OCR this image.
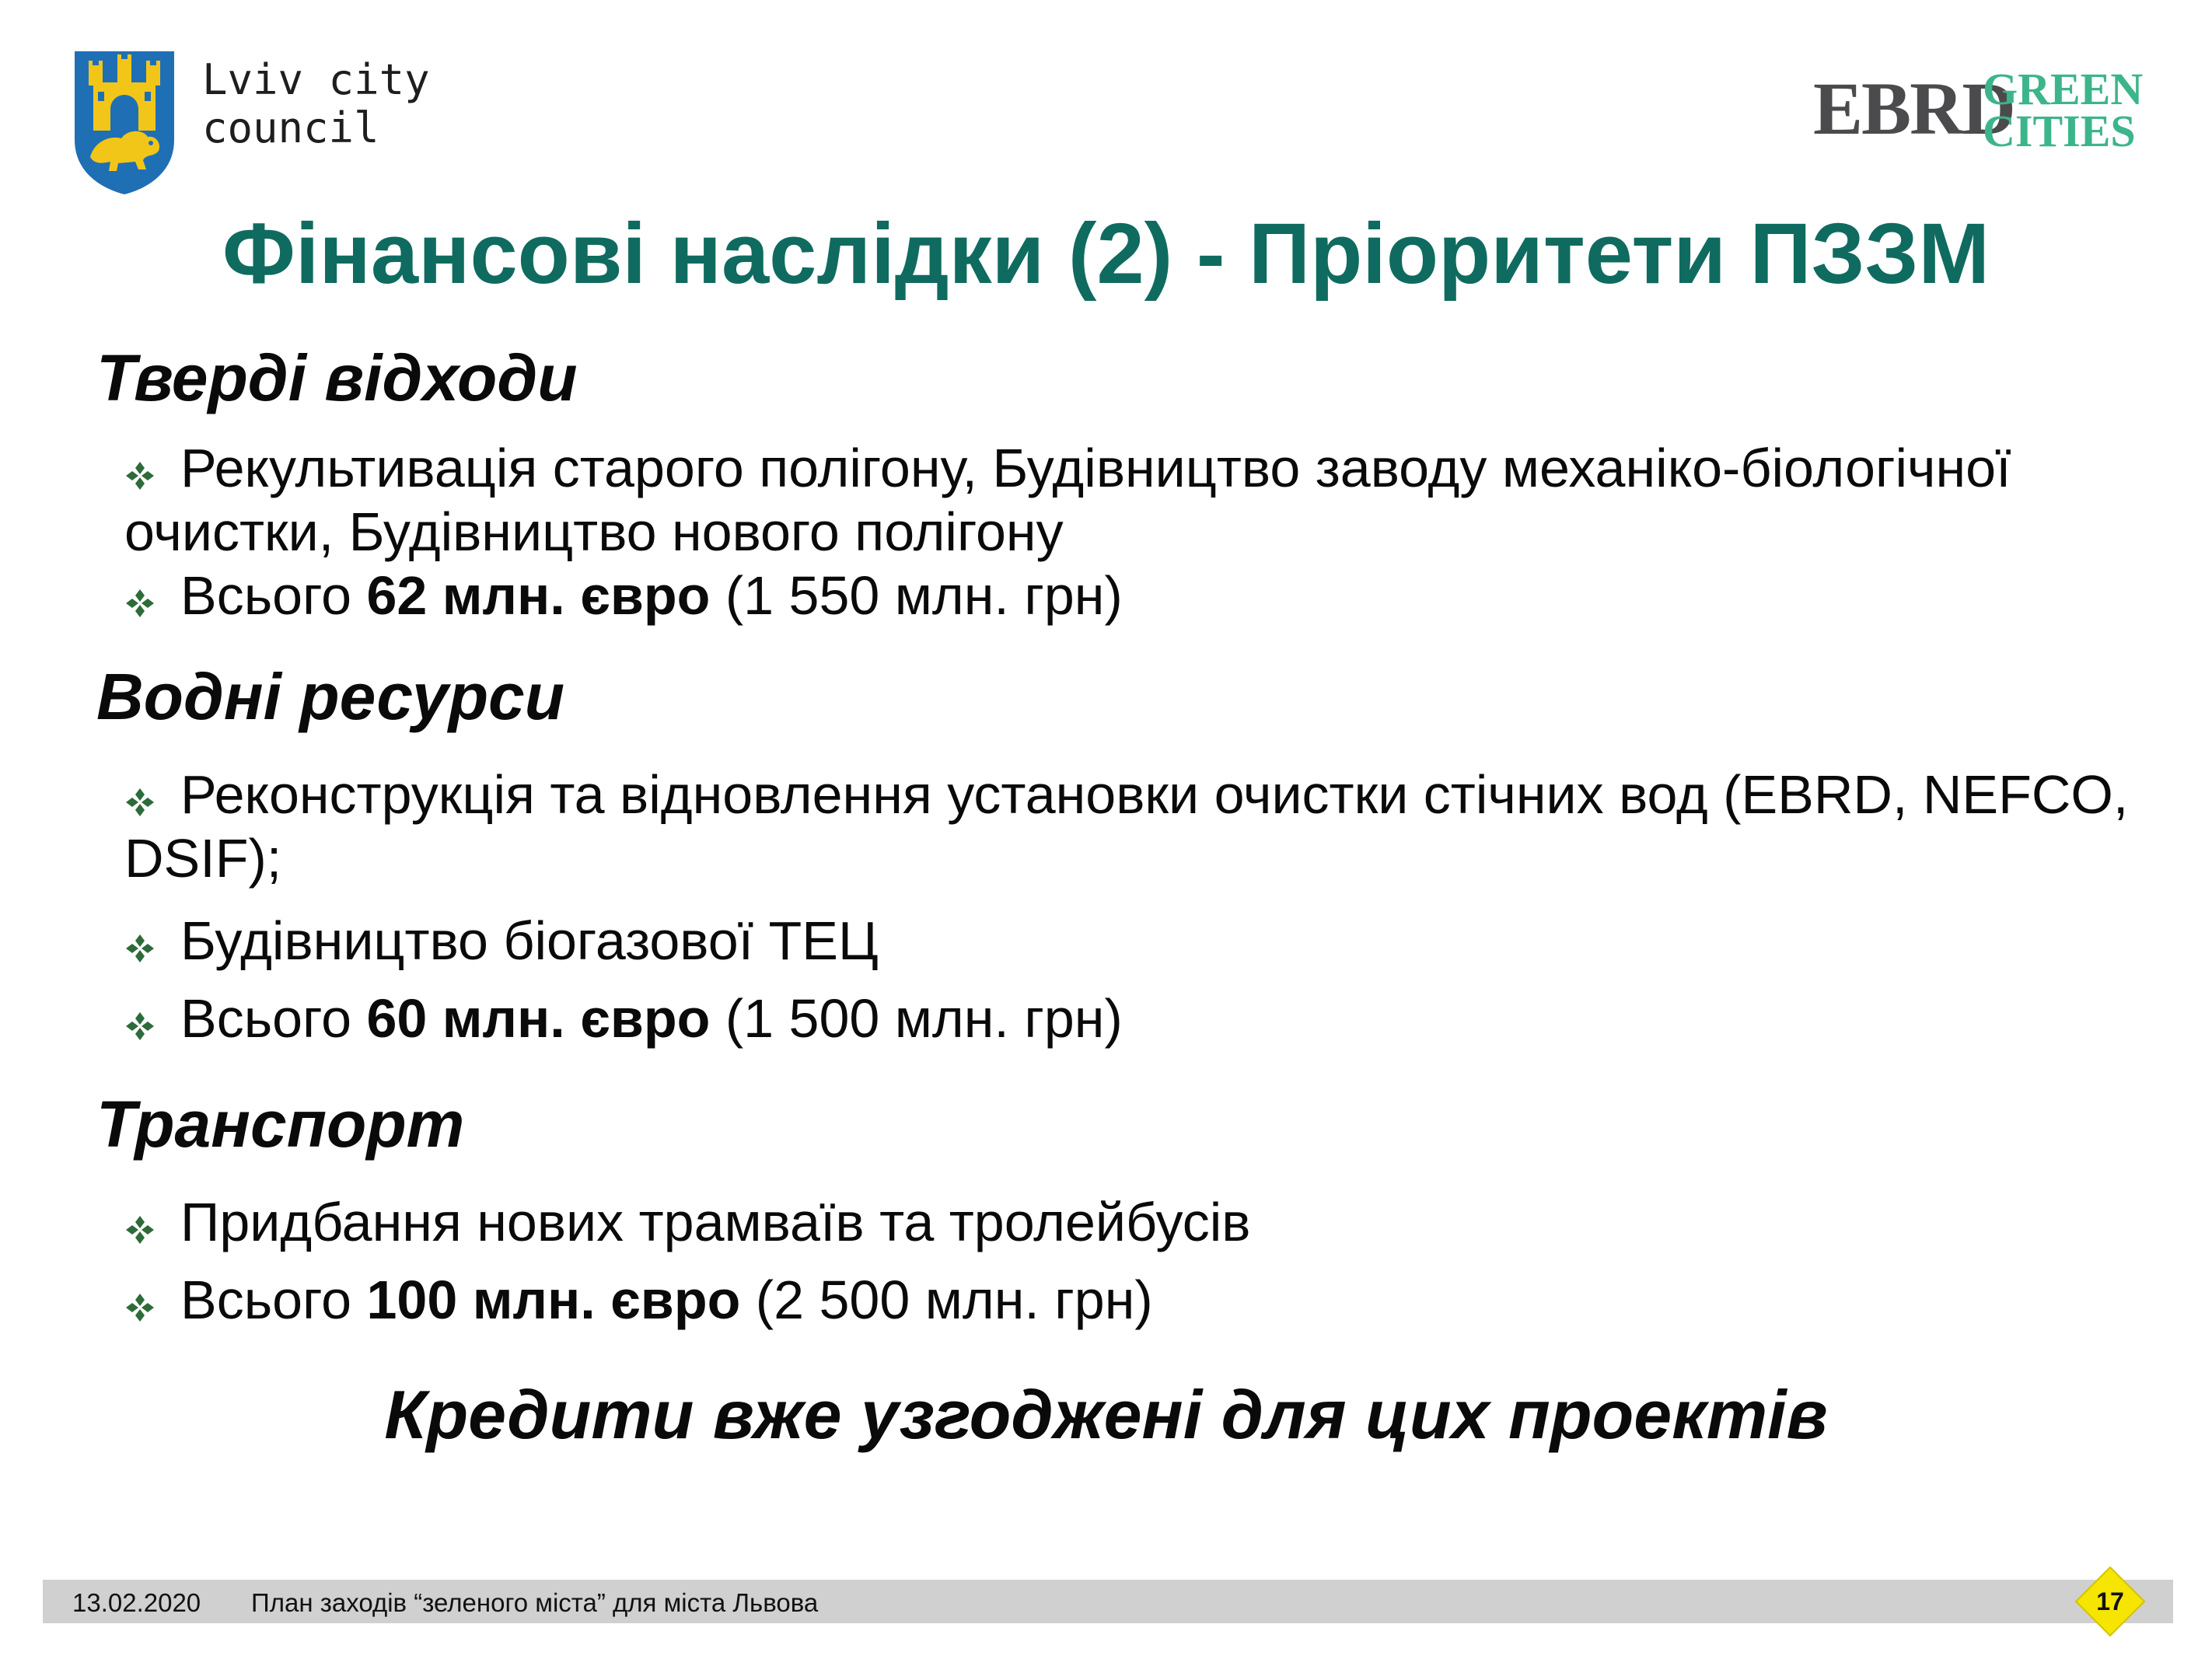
Lviv city
council	EBRD
GREEN
CITIES
Фінансові наслідки (2) - Пріоритети ПЗЗМ
Тверді відходи
Рекультивація старого полігону, Будівництво заводу механіко-біологічної очистки, Будівництво нового полігону
Всього 62 млн. євро (1 550 млн. грн)
Водні ресурси
Реконструкція та відновлення установки очистки стічних вод (EBRD, NEFCO, DSIF);
Будівництво біогазової ТЕЦ
Всього 60 млн. євро (1 500 млн. грн)
Транспорт
Придбання нових трамваїв та тролейбусів
Всього 100 млн. євро (2 500 млн. грн)
Кредити вже узгоджені для цих проектів
13.02.2020 План заходів “зеленого міста” для міста Львова	17
